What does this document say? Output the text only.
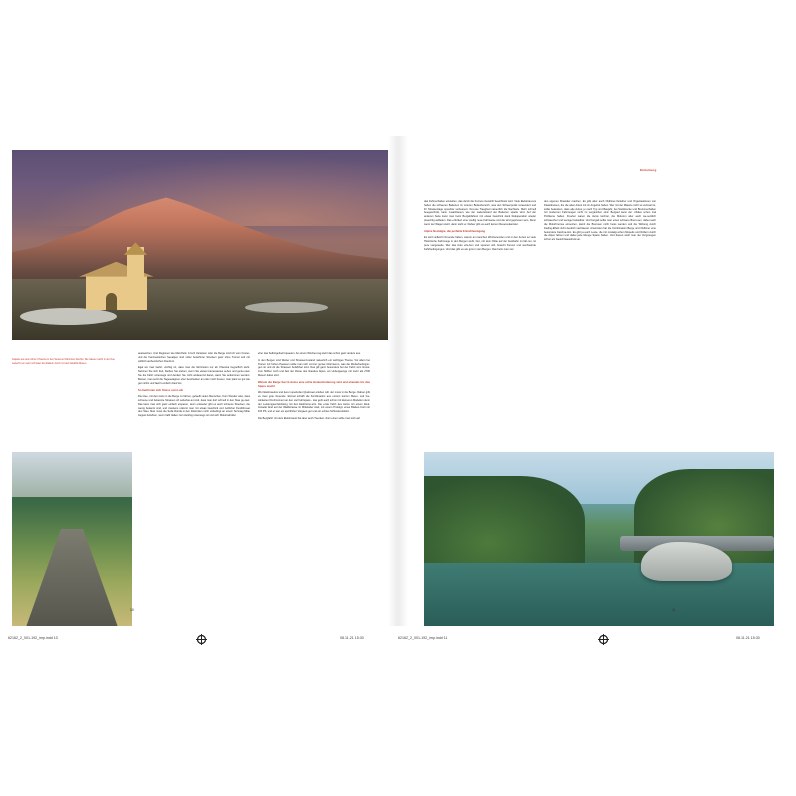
Kapelle aus dem Almer Chiesina in den Sextener Dolomiten Rechts: Die Gasse macht in der Nue weiterhin ein sehr schmaler die Radlern durch mit dem Elektrik-Mosen.

ausweichen. Und Regionen wie Mal-Ffeld, zu'sch Varianten oder die Berge sind ich vom Custer-und die franzoesischen Seealpen sind voller bewohnter Strecken ganz ohne Tunnel und mit wirklich authentischen Doerfern.

Egal wo man faehrt, wichtig ist, dass man die fahrtzeiten nur ab Chiesina begreiflich sieht. Nehmen Sie sich Zeit, bleiben Sie stehen, wenn Sie etwas Interessantes sehen und genie-ssen Sie die Fahrt unterwegs und denken Sie nicht andauernd daran, wann Sie ankommen werden. Besser, man setzt die Tagesetappen eher bescheiden an oder noch besser, man plant so gut wie gar nichts und faehrt einfach drauf los.

So faellt man sich Stress vom Leib

Die Idee, mit dem Auto in die Berge zu fahren, gefaellt vielen Menschen. Kein Wunder also, dass schoene und bekannte Strassen oft ueberlas-tet sind, dass man dort schnell in den Stau ge-raet. Das kann man sich ganz einfach ersparen, denn entweder gibt es auch schoene Strecken, die wenig bekannt sind, und zweitens unkurvt man mit etwas Geschick und zeitlicher Flexibili-taet den Stau. Man muss die Sella Ronda in den Dolomiten nicht unbedingt an einem Sonntag Mitte August befahren, wenn halb Italien zum Ausflug unterwegs ist und sich Motorradroller

eher das Selbstgefuehl quaelen. An einem Wochen-tag steht das schon ganz anders aus.

In den Bergen sind Wetter und Strassenzustand natuerlich ein wichtiges Thema. Vor allem bei Touren mit hohen Paessen sollte man sich vor-her genau informieren, was die Wetterbedingun-gen ist und ob die Strassen befahrbar sind. Das gilt ganz besonders bei der Fahrt vom Gross-zum Stilfser Joch und fast der Route des Giandes Alpes, wo Uebergaenge mit mehr als 2700 Metern dabei sind.

Warum die Berge fuer E-Autos eine echte Herausforderung sind und ehemals bis das Spass macht

Wer Elektroautos und deren speziellen Quali-taet erleben will, der muss in die Berge. Dafuer gibt es zwei gute Gruende. Einmal schafft die Kombination aus extrem kurzen Meter- und Ge-winkeiten Drehmoment an den viel Fahrspass - das geht auch schon mit kleineren Modellen denn der Leistungsentwicklung mit des Elektromo-tors. Die erste Fahrt des Autos mit einem Elek-trowelle fand auf der Waldstrasse im Mittelalter statt, mit einem Prototyp eines Blatten-Corti mit 115 PS, und er war ein sportlicher Vorgaen-ger und ein echtes Schlusszeitsfeld.

Die Bergfahrt mit dem Elektroauto hat aber auch Tuecken. Zum einen sollte man sich auf

Einleitung

das Fahrverhalten einstellen, das durch die ho-here Gewicht beeinflusst wird. Viele Elektroau-tos haben die schweren Batterien im unteren Bodenbereich, was den Schwerpunkt veraendert und ihr Strassenlage spuerbar verbessert. Gro-sse Traegheit natuerlich die Nachteile. Mehr schnell beegeschickt, kann zusatzbauen, wie der Ladezustand der Batterien spielte wird. Auf der anderen Seite kann man beim Bergabfahren mit etwas Geschick dank Rekuperation wieder praechtig aufladen. Das erfordert eine voellig neue Fahrweise und die wird gepriesen sein. Denn wenn der Wagen steht, dann steht er. Dafuer gibt es auch keinen Reservekanister.

Alpine Nostalgie, die perfekte Entschleunigung

Es wird vielleicht Gruende haben, warum an manchen Wochenenden und in den Ferien so viele Historische Fahrzeuge in den Bergen sieht. Gut, mit dem Oldie auf der Autobahn zu fah-ren, ist pure Langeweile. Wer das Auto erle-ben und spueren will, braucht Kurven und wechselnde Fahrbedingungen. Und das gibt es am gros in den Bergen. Das beim man viel

den eigenen Klassiker machen. Es gibt aber auch Oldtimer-Verleiher und Organisationen von Klassikreisen, die die alten Autos mit im Angebot haben. Wer mit der Materie nicht so vertraut ist, sollte bedenken, dass alte Autos, je nach Typ und Baujahr, bei Steilstrecke und Bremsverhalten mit modernen Fahrzeugen nicht zu vergleichen sind. Bergauf kann der -Oldies schon mal Probleme haben. Frueher waren die Autos leichter, die Motoren aber auch we-sentlich schwaecher und weniger belastbar. Und bergab sollte man einen schwere Brem-sen, dabei auch die Motorbremse einsetzen, damit die Bremsen nicht heiss werden und die Wirkung durch Fading-Effekt nicht deutlich nachlaesst. Ansonsten hat die Kombination Berge und Oldtimer eine besondere Faszina-tion. Es gibt ja auch Leute, die mit nostalgi-schen Mopeds und Rollern durch die Alpen fahren und dabei jede Menge Spass haben. Und diesen sieht man der Vergnuegen schon am Gesichtsausdruck an.

10	11
62162_2_001-192_imp.indd 10	62162_2_001-192_imp.indd 11
08.11.21 15:30	08.11.21 15:30
